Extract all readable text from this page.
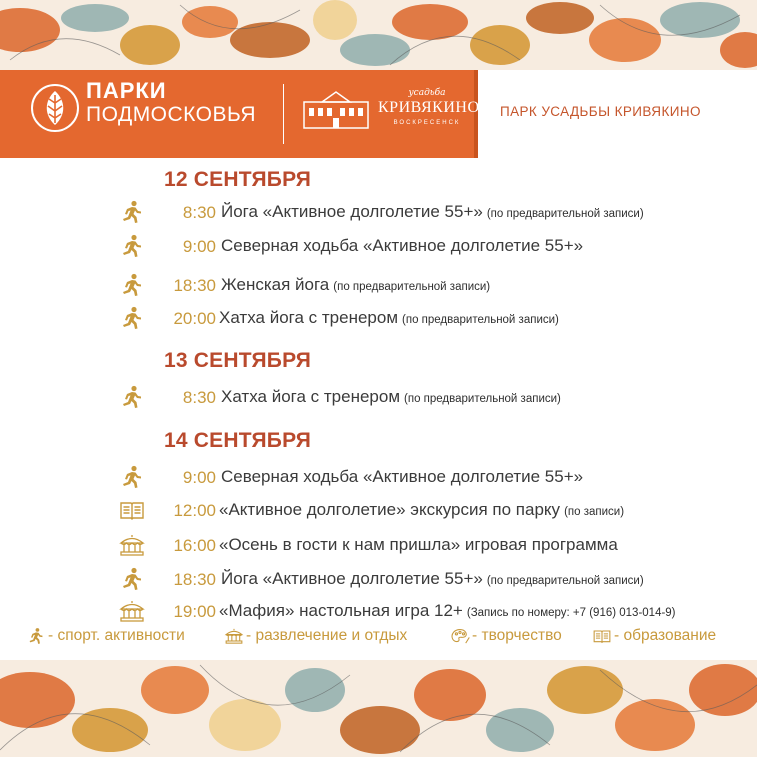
ПАРКИ
ПОДМОСКОВЬЯ
усадьба
КРИВЯКИНО
ВОСКРЕСЕНСК
ПАРК УСАДЬБЫ КРИВЯКИНО
12 СЕНТЯБРЯ
8:30 Йога «Активное долголетие 55+» (по предварительной записи)
9:00 Северная ходьба «Активное долголетие 55+»
18:30 Женская йога (по предварительной записи)
20:00 Хатха йога с тренером (по предварительной записи)
13 СЕНТЯБРЯ
8:30 Хатха йога с тренером (по предварительной записи)
14 СЕНТЯБРЯ
9:00 Северная ходьба «Активное долголетие 55+»
12:00 «Активное долголетие» экскурсия по парку (по записи)
16:00 «Осень в гости к нам пришла» игровая программа
18:30 Йога «Активное долголетие 55+» (по предварительной записи)
19:00 «Мафия» настольная игра 12+ (Запись по номеру: +7 (916) 013-014-9)
- спорт. активности	- развлечение и отдых	- творчество	- образование
